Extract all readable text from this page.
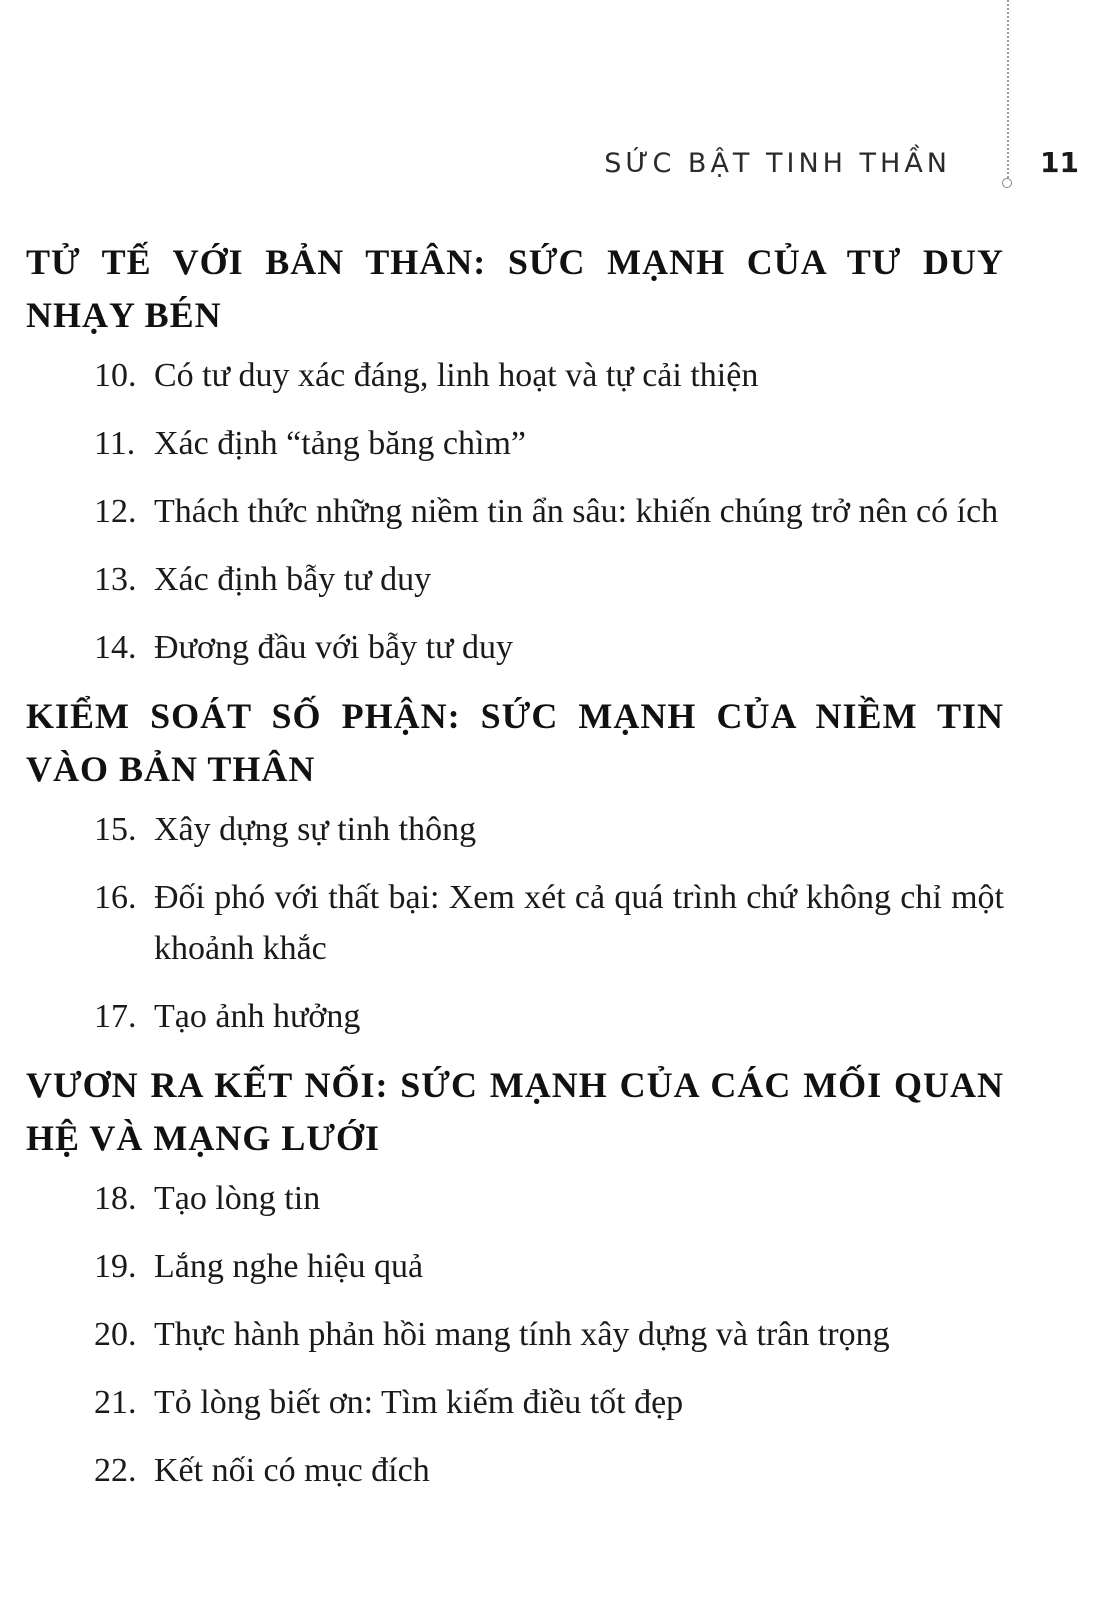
SỨC BẬT TINH THẦN	11
TỬ TẾ VỚI BẢN THÂN: SỨC MẠNH CỦA TƯ DUY NHẠY BÉN
10. Có tư duy xác đáng, linh hoạt và tự cải thiện
11. Xác định “tảng băng chìm”
12. Thách thức những niềm tin ẩn sâu: khiến chúng trở nên có ích
13. Xác định bẫy tư duy
14. Đương đầu với bẫy tư duy
KIỂM SOÁT SỐ PHẬN: SỨC MẠNH CỦA NIỀM TIN VÀO BẢN THÂN
15. Xây dựng sự tinh thông
16. Đối phó với thất bại: Xem xét cả quá trình chứ không chỉ một khoảnh khắc
17. Tạo ảnh hưởng
VƯƠN RA KẾT NỐI: SỨC MẠNH CỦA CÁC MỐI QUAN HỆ VÀ MẠNG LƯỚI
18. Tạo lòng tin
19. Lắng nghe hiệu quả
20. Thực hành phản hồi mang tính xây dựng và trân trọng
21. Tỏ lòng biết ơn: Tìm kiếm điều tốt đẹp
22. Kết nối có mục đích
